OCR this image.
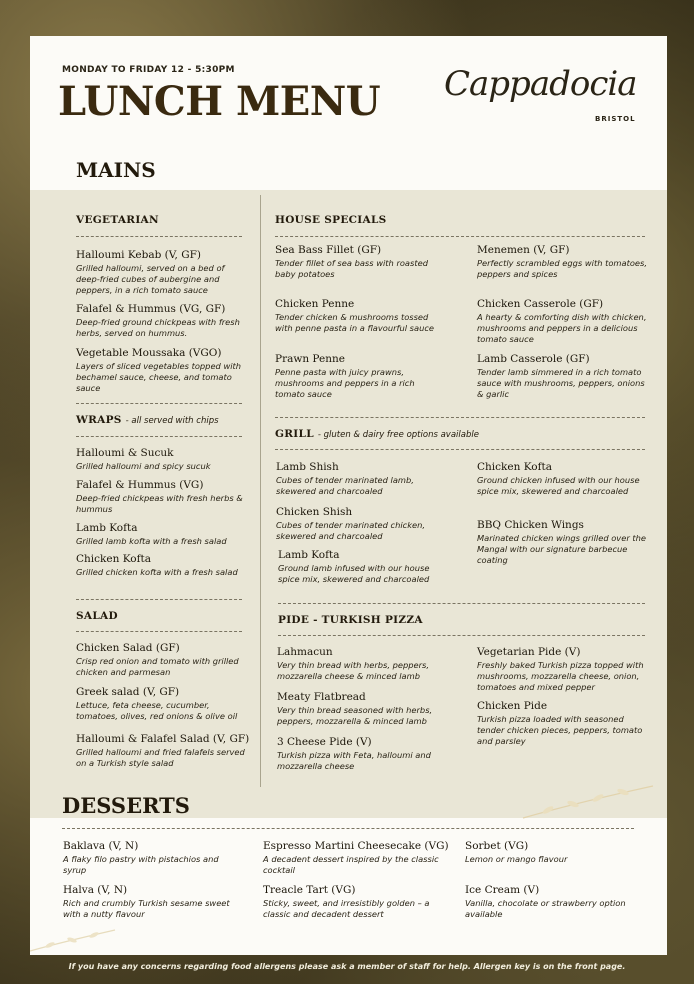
MONDAY TO FRIDAY 12 - 5:30PM
LUNCH MENU Cappadocia
BRISTOL
MAINS
VEGETARIAN
Halloumi Kebab (V, GF)
Grilled halloumi, served on a bed of deep-fried cubes of aubergine and peppers, in a rich tomato sauce
Falafel & Hummus (VG, GF)
Deep-fried ground chickpeas with fresh herbs, served on hummus.
Vegetable Moussaka (VGO)
Layers of sliced vegetables topped with bechamel sauce, cheese, and tomato sauce
WRAPS - all served with chips
Halloumi & Sucuk
Grilled halloumi and spicy sucuk
Falafel & Hummus (VG)
Deep-fried chickpeas with fresh herbs & hummus
Lamb Kofta
Grilled lamb kofta with a fresh salad
Chicken Kofta
Grilled chicken kofta with a fresh salad
SALAD
Chicken Salad (GF)
Crisp red onion and tomato with grilled chicken and parmesan
Greek salad (V, GF)
Lettuce, feta cheese, cucumber, tomatoes, olives, red onions & olive oil
Halloumi & Falafel Salad (V, GF)
Grilled halloumi and fried falafels served on a Turkish style salad
HOUSE SPECIALS
Sea Bass Fillet (GF)
Tender fillet of sea bass with roasted baby potatoes
Chicken Penne
Tender chicken & mushrooms tossed with penne pasta in a flavourful sauce
Prawn Penne
Penne pasta with juicy prawns, mushrooms and peppers in a rich tomato sauce
Menemen (V, GF)
Perfectly scrambled eggs with tomatoes, peppers and spices
Chicken Casserole (GF)
A hearty & comforting dish with chicken, mushrooms and peppers in a delicious tomato sauce
Lamb Casserole (GF)
Tender lamb simmered in a rich tomato sauce with mushrooms, peppers, onions & garlic
GRILL - gluten & dairy free options available
Lamb Shish
Cubes of tender marinated lamb, skewered and charcoaled
Chicken Shish
Cubes of tender marinated chicken, skewered and charcoaled
Lamb Kofta
Ground lamb infused with our house spice mix, skewered and charcoaled
Chicken Kofta
Ground chicken infused with our house spice mix, skewered and charcoaled
BBQ Chicken Wings
Marinated chicken wings grilled over the Mangal with our signature barbecue coating
PIDE - TURKISH PIZZA
Lahmacun
Very thin bread with herbs, peppers, mozzarella cheese & minced lamb
Meaty Flatbread
Very thin bread seasoned with herbs, peppers, mozzarella & minced lamb
3 Cheese Pide (V)
Turkish pizza with Feta, halloumi and mozzarella cheese
Vegetarian Pide (V)
Freshly baked Turkish pizza topped with mushrooms, mozzarella cheese, onion, tomatoes and mixed pepper
Chicken Pide
Turkish pizza loaded with seasoned tender chicken pieces, peppers, tomato and parsley
DESSERTS
Baklava (V, N)
A flaky filo pastry with pistachios and syrup
Espresso Martini Cheesecake (VG)
A decadent dessert inspired by the classic cocktail
Sorbet (VG)
Lemon or mango flavour
Halva (V, N)
Rich and crumbly Turkish sesame sweet with a nutty flavour
Treacle Tart (VG)
Sticky, sweet, and irresistibly golden – a classic and decadent dessert
Ice Cream (V)
Vanilla, chocolate or strawberry option available
If you have any concerns regarding food allergens please ask a member of staff for help. Allergen key is on the front page.
